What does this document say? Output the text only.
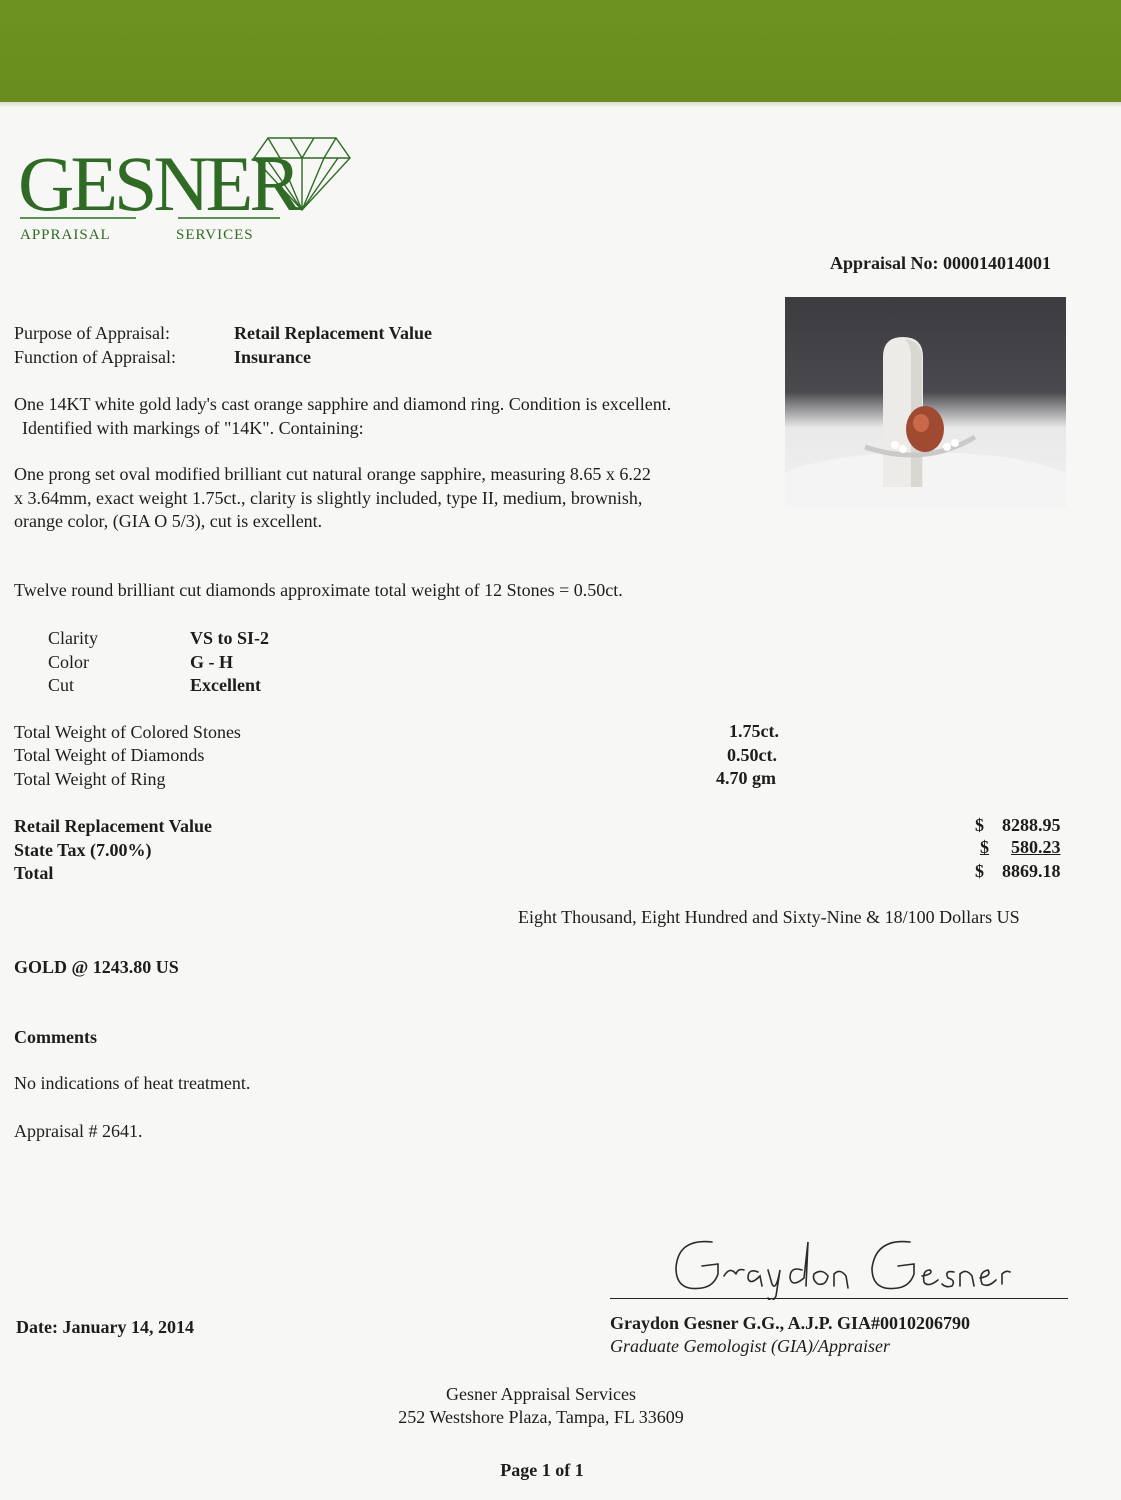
GESNER
APPRAISAL	SERVICES
Appraisal No: 000014014001
Purpose of Appraisal:	Retail Replacement Value
Function of Appraisal:	Insurance
One 14KT white gold lady's cast orange sapphire and diamond ring. Condition is excellent.
Identified with markings of "14K". Containing:
One prong set oval modified brilliant cut natural orange sapphire, measuring 8.65 x 6.22
x 3.64mm, exact weight 1.75ct., clarity is slightly included, type II, medium, brownish,
orange color, (GIA O 5/3), cut is excellent.
Twelve round brilliant cut diamonds approximate total weight of 12 Stones = 0.50ct.
Clarity	VS to SI-2
Color	G - H
Cut	Excellent
Total Weight of Colored Stones	1.75ct.
Total Weight of Diamonds	0.50ct.
Total Weight of Ring	4.70 gm
Retail Replacement Value	$ 8288.95
State Tax (7.00%)	$ 580.23
Total	$ 8869.18
Eight Thousand, Eight Hundred and Sixty-Nine & 18/100 Dollars US
GOLD @ 1243.80 US
Comments
No indications of heat treatment.
Appraisal # 2641.
Graydon Gesner G.G., A.J.P. GIA#0010206790
Graduate Gemologist (GIA)/Appraiser
Date: January 14, 2014
Gesner Appraisal Services
252 Westshore Plaza, Tampa, FL 33609
Page 1 of 1
